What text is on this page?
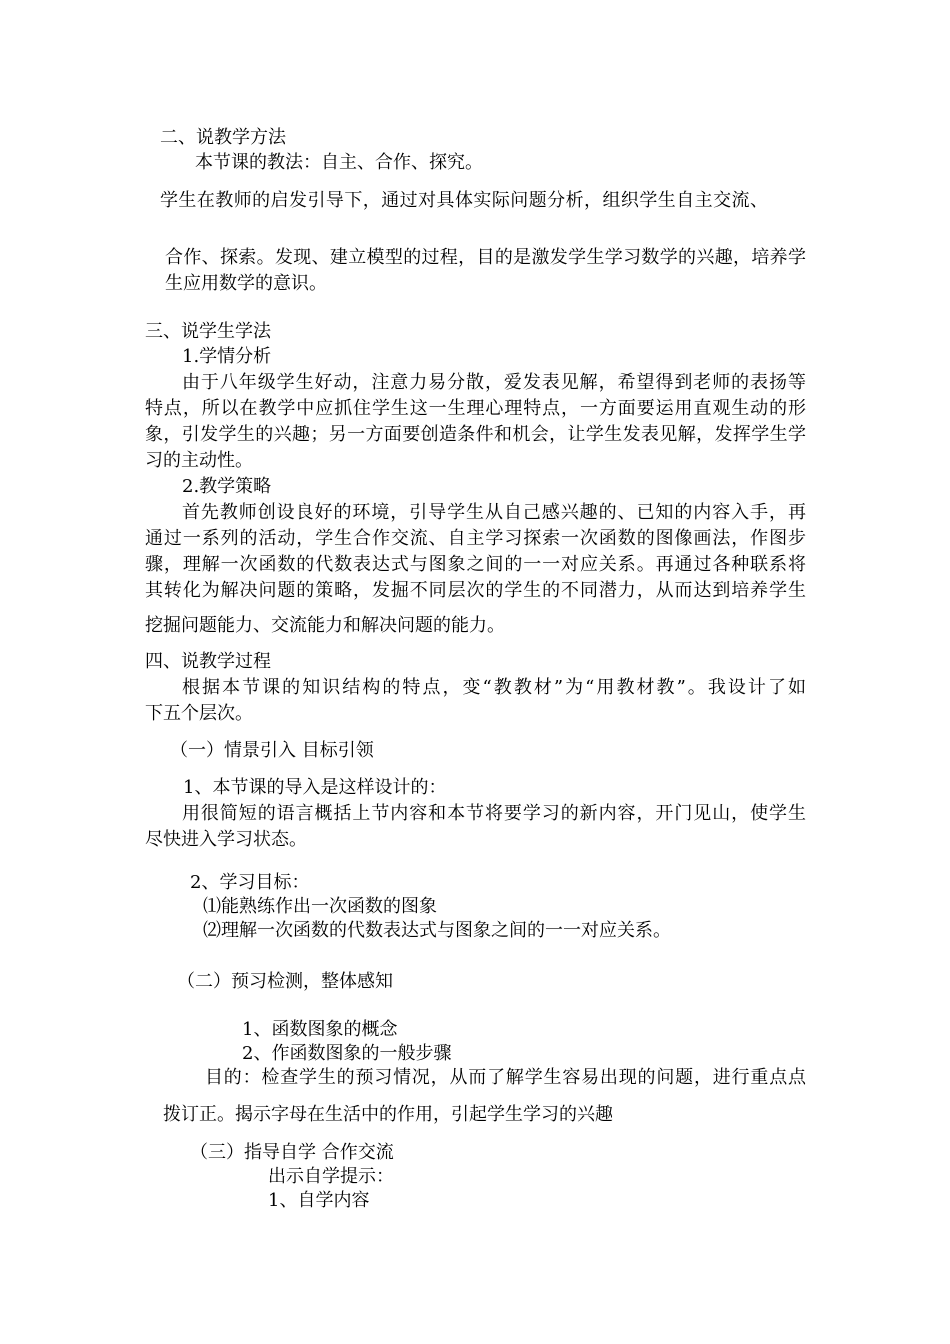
二、说教学方法
本节课的教法：自主、合作、探究。
学生在教师的启发引导下，通过对具体实际问题分析，组织学生自主交流、
合作、探索。发现、建立模型的过程，目的是激发学生学习数学的兴趣，培养学
生应用数学的意识。
三、说学生学法
1.学情分析
由于八年级学生好动，注意力易分散，爱发表见解，希望得到老师的表扬等
特点，所以在教学中应抓住学生这一生理心理特点，一方面要运用直观生动的形
象，引发学生的兴趣；另一方面要创造条件和机会，让学生发表见解，发挥学生学
习的主动性。
2.教学策略
首先教师创设良好的环境，引导学生从自己感兴趣的、已知的内容入手，再
通过一系列的活动，学生合作交流、自主学习探索一次函数的图像画法，作图步
骤，理解一次函数的代数表达式与图象之间的一一对应关系。再通过各种联系将
其转化为解决问题的策略，发掘不同层次的学生的不同潜力，从而达到培养学生
挖掘问题能力、交流能力和解决问题的能力。
四、说教学过程
根据本节课的知识结构的特点，变“教教材”为“用教材教”。我设计了如
下五个层次。
（一）情景引入 目标引领
1、本节课的导入是这样设计的：
用很简短的语言概括上节内容和本节将要学习的新内容，开门见山，使学生
尽快进入学习状态。
2、学习目标：
⑴能熟练作出一次函数的图象
⑵理解一次函数的代数表达式与图象之间的一一对应关系。
（二）预习检测，整体感知
1、函数图象的概念
2、作函数图象的一般步骤
目的：检查学生的预习情况，从而了解学生容易出现的问题，进行重点点
拨订正。揭示字母在生活中的作用，引起学生学习的兴趣
（三）指导自学 合作交流
出示自学提示：
1、自学内容
